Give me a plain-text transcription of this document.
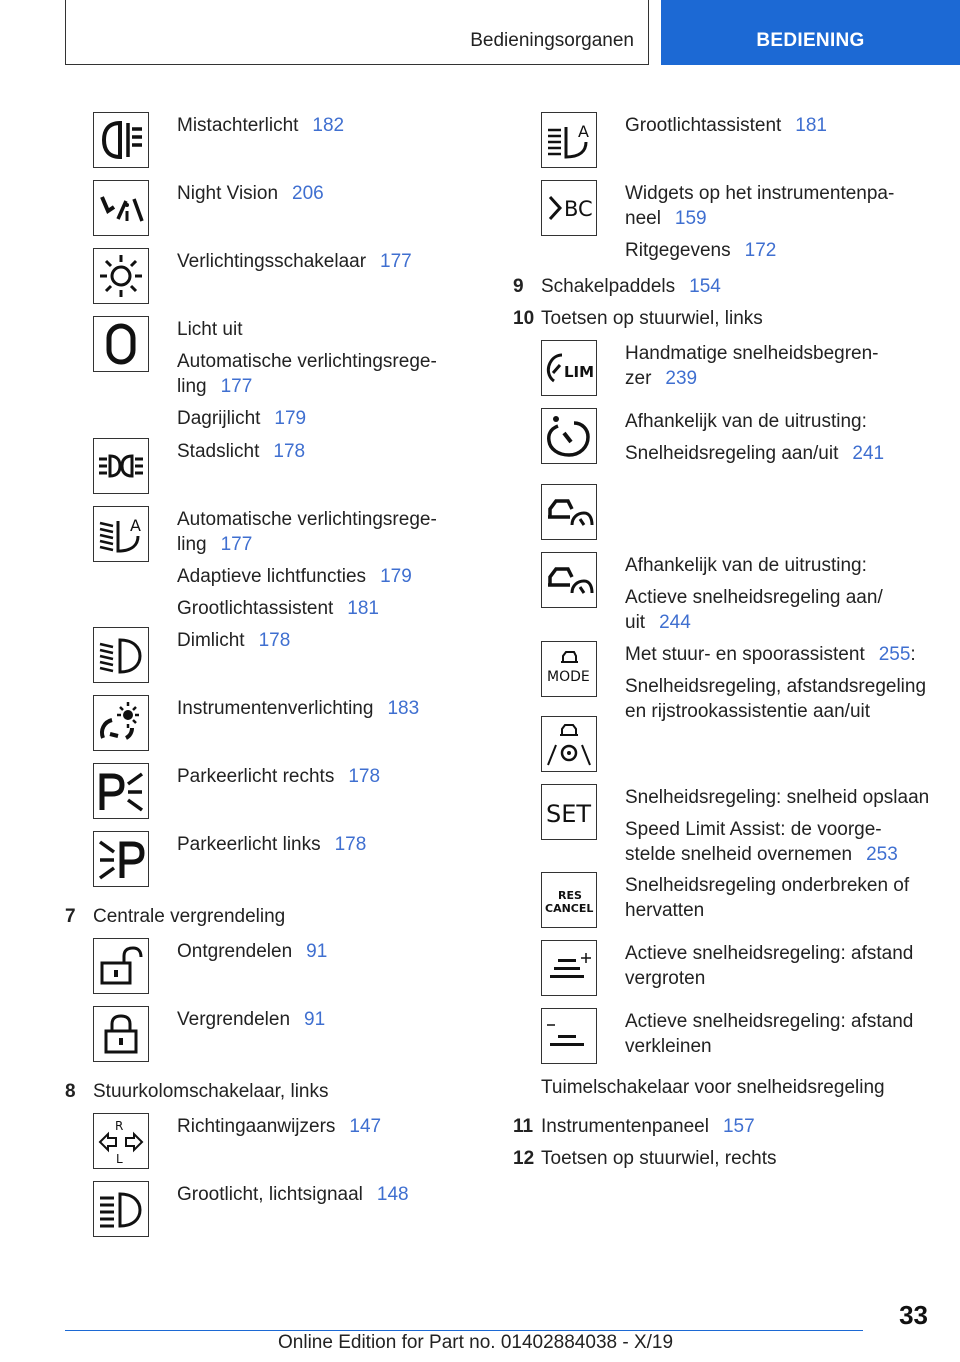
Bedieningsorganen	BEDIENING
Mistachterlicht 182
Night Vision 206
Verlichtingsschakelaar 177
Licht uit
Automatische verlichtingsrege-
ling 177
Dagrijlicht 179
Stadslicht 178
A Automatische verlichtingsrege-
ling 177
Adaptieve lichtfuncties 179
Grootlichtassistent 181
Dimlicht 178
Instrumentenverlichting 183
Parkeerlicht rechts 178
Parkeerlicht links 178
7 Centrale vergrendeling
Ontgrendelen 91
Vergrendelen 91
8 Stuurkolomschakelaar, links
R
L
Richtingaanwijzers 147
Grootlicht, lichtsignaal 148
A Grootlichtassistent 181
BC
Widgets op het instrumentenpa-
neel 159
Ritgegevens 172
9 Schakelpaddels 154
10 Toetsen op stuurwiel, links
LIM
Handmatige snelheidsbegren-
zer 239
Afhankelijk van de uitrusting:
Snelheidsregeling aan/uit 241
Afhankelijk van de uitrusting:
Actieve snelheidsregeling aan/
uit 244
MODE
Met stuur- en spoorassistent 255:
Snelheidsregeling, afstandsregeling
en rijstrookassistentie aan/uit
SET
Snelheidsregeling: snelheid opslaan
Speed Limit Assist: de voorge-
stelde snelheid overnemen 253
RES
CANCEL
Snelheidsregeling onderbreken of
hervatten
Actieve snelheidsregeling: afstand
vergroten
Actieve snelheidsregeling: afstand
verkleinen
Tuimelschakelaar voor snelheidsregeling
11 Instrumentenpaneel 157
12 Toetsen op stuurwiel, rechts
33
Online Edition for Part no. 01402884038 - X/19
